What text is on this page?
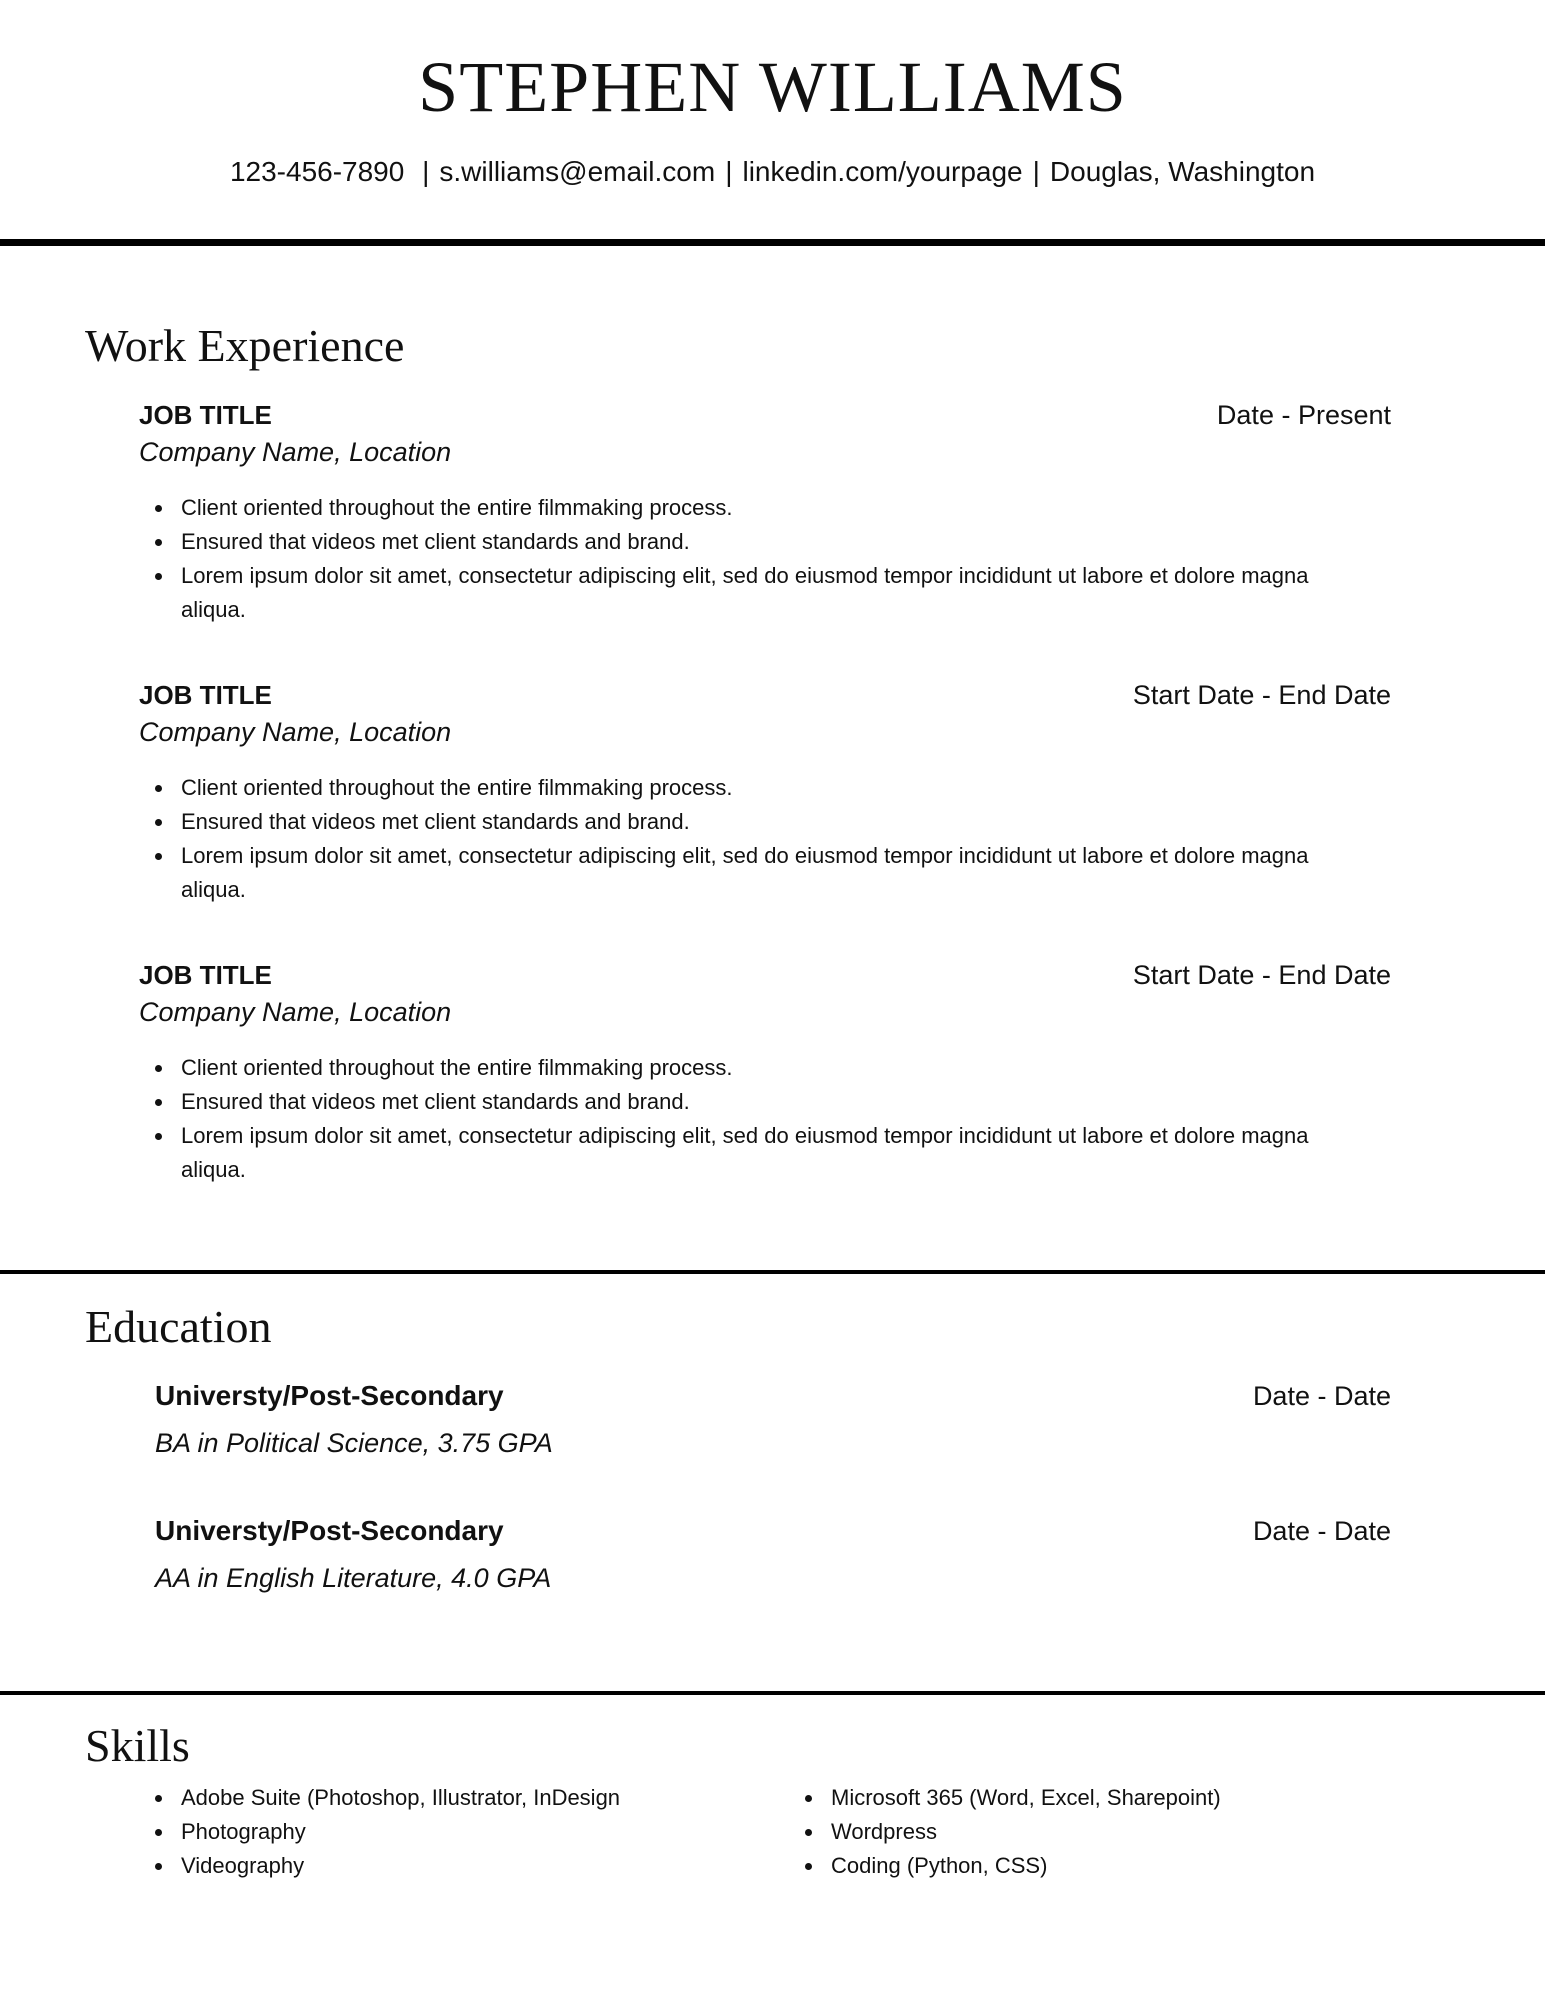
STEPHEN WILLIAMS
123-456-7890 | s.williams@email.com | linkedin.com/yourpage | Douglas, Washington
Work Experience
JOB TITLE	Date - Present
Company Name, Location
Client oriented throughout the entire filmmaking process.
Ensured that videos met client standards and brand.
Lorem ipsum dolor sit amet, consectetur adipiscing elit, sed do eiusmod tempor incididunt ut labore et dolore magna aliqua.
JOB TITLE	Start Date - End Date
Company Name, Location
Client oriented throughout the entire filmmaking process.
Ensured that videos met client standards and brand.
Lorem ipsum dolor sit amet, consectetur adipiscing elit, sed do eiusmod tempor incididunt ut labore et dolore magna aliqua.
JOB TITLE	Start Date - End Date
Company Name, Location
Client oriented throughout the entire filmmaking process.
Ensured that videos met client standards and brand.
Lorem ipsum dolor sit amet, consectetur adipiscing elit, sed do eiusmod tempor incididunt ut labore et dolore magna aliqua.
Education
Universty/Post-Secondary	Date - Date
BA in Political Science, 3.75 GPA
Universty/Post-Secondary	Date - Date
AA in English Literature, 4.0 GPA
Skills
Adobe Suite (Photoshop, Illustrator, InDesign
Photography
Videography
Microsoft 365 (Word, Excel, Sharepoint)
Wordpress
Coding (Python, CSS)
